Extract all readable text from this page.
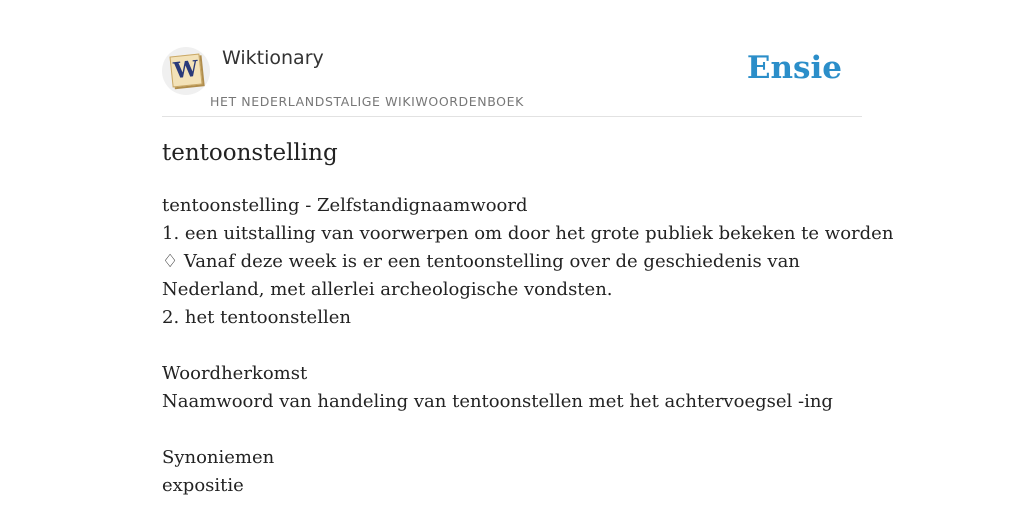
W Wiktionary
HET NEDERLANDSTALIGE WIKIWOORDENBOEK
Ensie
tentoonstelling
tentoonstelling - Zelfstandignaamwoord
1. een uitstalling van voorwerpen om door het grote publiek bekeken te worden
♢ Vanaf deze week is er een tentoonstelling over de geschiedenis van
Nederland, met allerlei archeologische vondsten.
2. het tentoonstellen
Woordherkomst
Naamwoord van handeling van tentoonstellen met het achtervoegsel -ing
Synoniemen
expositie
